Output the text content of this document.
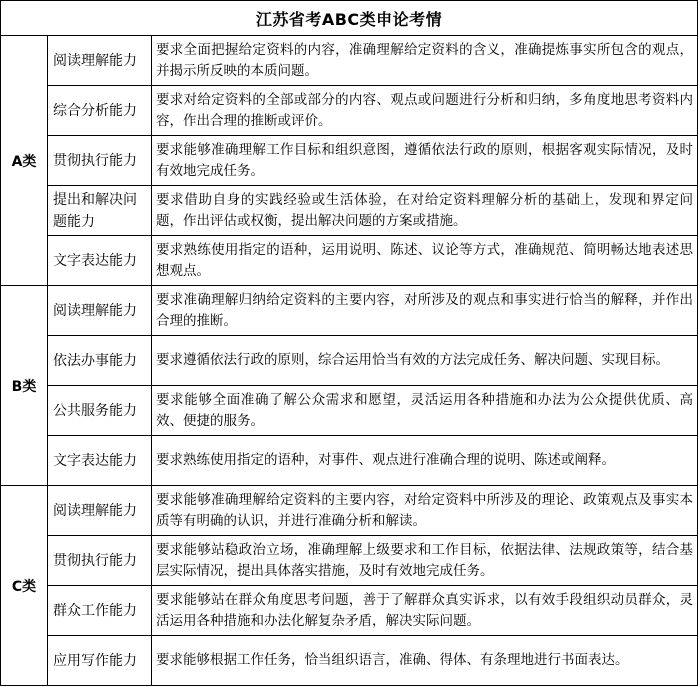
江苏省考ABC类申论考情		
A类	阅读理解能力	要求全面把握给定资料的内容，准确理解给定资料的含义，准确提炼事实所包含的观点，并揭示所反映的本质问题。
	综合分析能力	要求对给定资料的全部或部分的内容、观点或问题进行分析和归纳，多角度地思考资料内容，作出合理的推断或评价。
	贯彻执行能力	要求能够准确理解工作目标和组织意图，遵循依法行政的原则，根据客观实际情况，及时有效地完成任务。
	提出和解决问题能力	要求借助自身的实践经验或生活体验，在对给定资料理解分析的基础上，发现和界定问题，作出评估或权衡，提出解决问题的方案或措施。
	文字表达能力	要求熟练使用指定的语种，运用说明、陈述、议论等方式，准确规范、简明畅达地表述思想观点。
B类	阅读理解能力	要求准确理解归纳给定资料的主要内容，对所涉及的观点和事实进行恰当的解释，并作出合理的推断。
	依法办事能力	要求遵循依法行政的原则，综合运用恰当有效的方法完成任务、解决问题、实现目标。
	公共服务能力	要求能够全面准确了解公众需求和愿望，灵活运用各种措施和办法为公众提供优质、高效、便捷的服务。
	文字表达能力	要求熟练使用指定的语种，对事件、观点进行准确合理的说明、陈述或阐释。
C类	阅读理解能力	要求能够准确理解给定资料的主要内容，对给定资料中所涉及的理论、政策观点及事实本质等有明确的认识，并进行准确分析和解读。
	贯彻执行能力	要求能够站稳政治立场，准确理解上级要求和工作目标，依据法律、法规政策等，结合基层实际情况，提出具体落实措施，及时有效地完成任务。
	群众工作能力	要求能够站在群众角度思考问题，善于了解群众真实诉求，以有效手段组织动员群众，灵活运用各种措施和办法化解复杂矛盾，解决实际问题。
	应用写作能力	要求能够根据工作任务，恰当组织语言，准确、得体、有条理地进行书面表达。
